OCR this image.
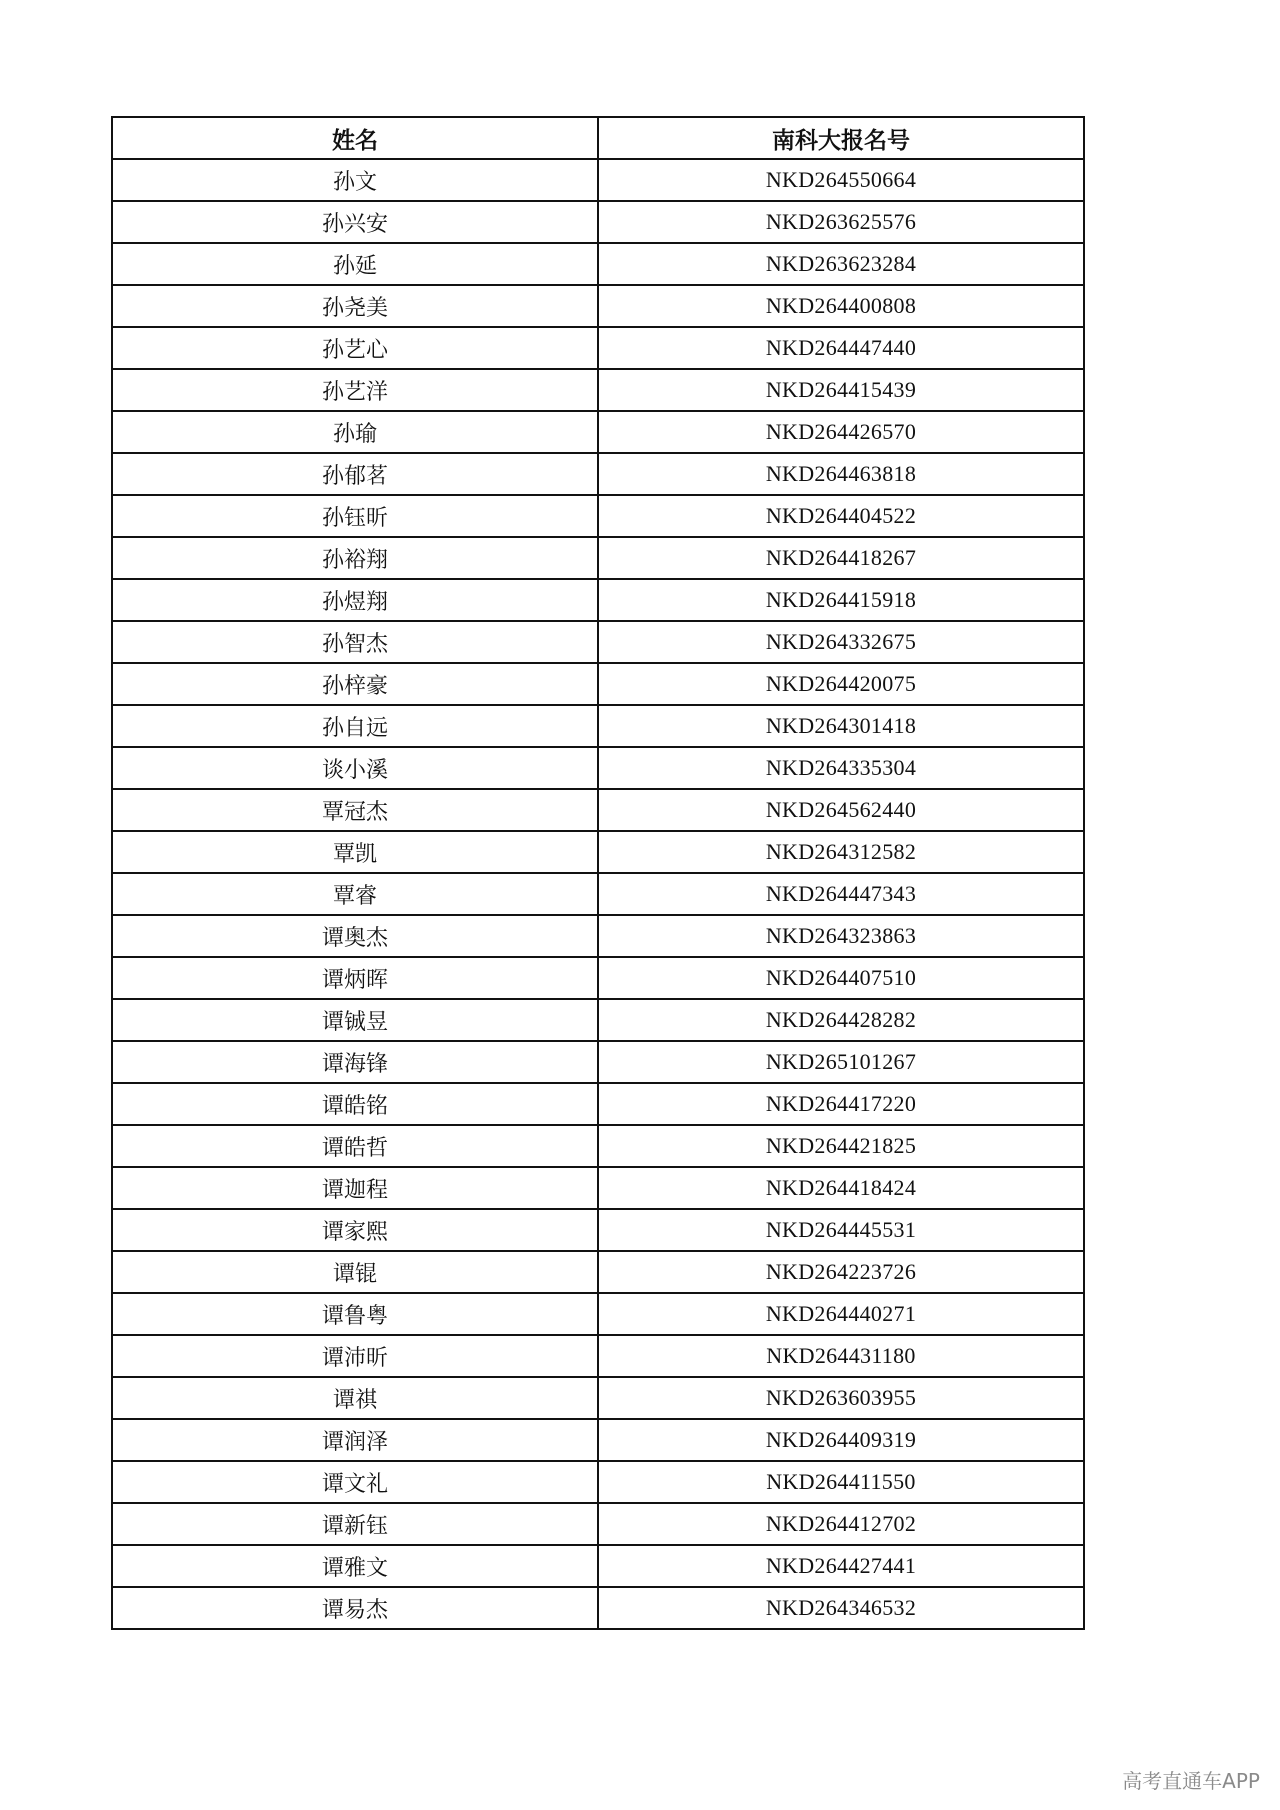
姓名	南科大报名号
孙文	NKD264550664
孙兴安	NKD263625576
孙延	NKD263623284
孙尧美	NKD264400808
孙艺心	NKD264447440
孙艺洋	NKD264415439
孙瑜	NKD264426570
孙郁茗	NKD264463818
孙钰昕	NKD264404522
孙裕翔	NKD264418267
孙煜翔	NKD264415918
孙智杰	NKD264332675
孙梓豪	NKD264420075
孙自远	NKD264301418
谈小溪	NKD264335304
覃冠杰	NKD264562440
覃凯	NKD264312582
覃睿	NKD264447343
谭奥杰	NKD264323863
谭炳晖	NKD264407510
谭铖昱	NKD264428282
谭海锋	NKD265101267
谭皓铭	NKD264417220
谭皓哲	NKD264421825
谭迦程	NKD264418424
谭家熙	NKD264445531
谭锟	NKD264223726
谭鲁粤	NKD264440271
谭沛昕	NKD264431180
谭祺	NKD263603955
谭润泽	NKD264409319
谭文礼	NKD264411550
谭新钰	NKD264412702
谭雅文	NKD264427441
谭易杰	NKD264346532
高考直通车APP
